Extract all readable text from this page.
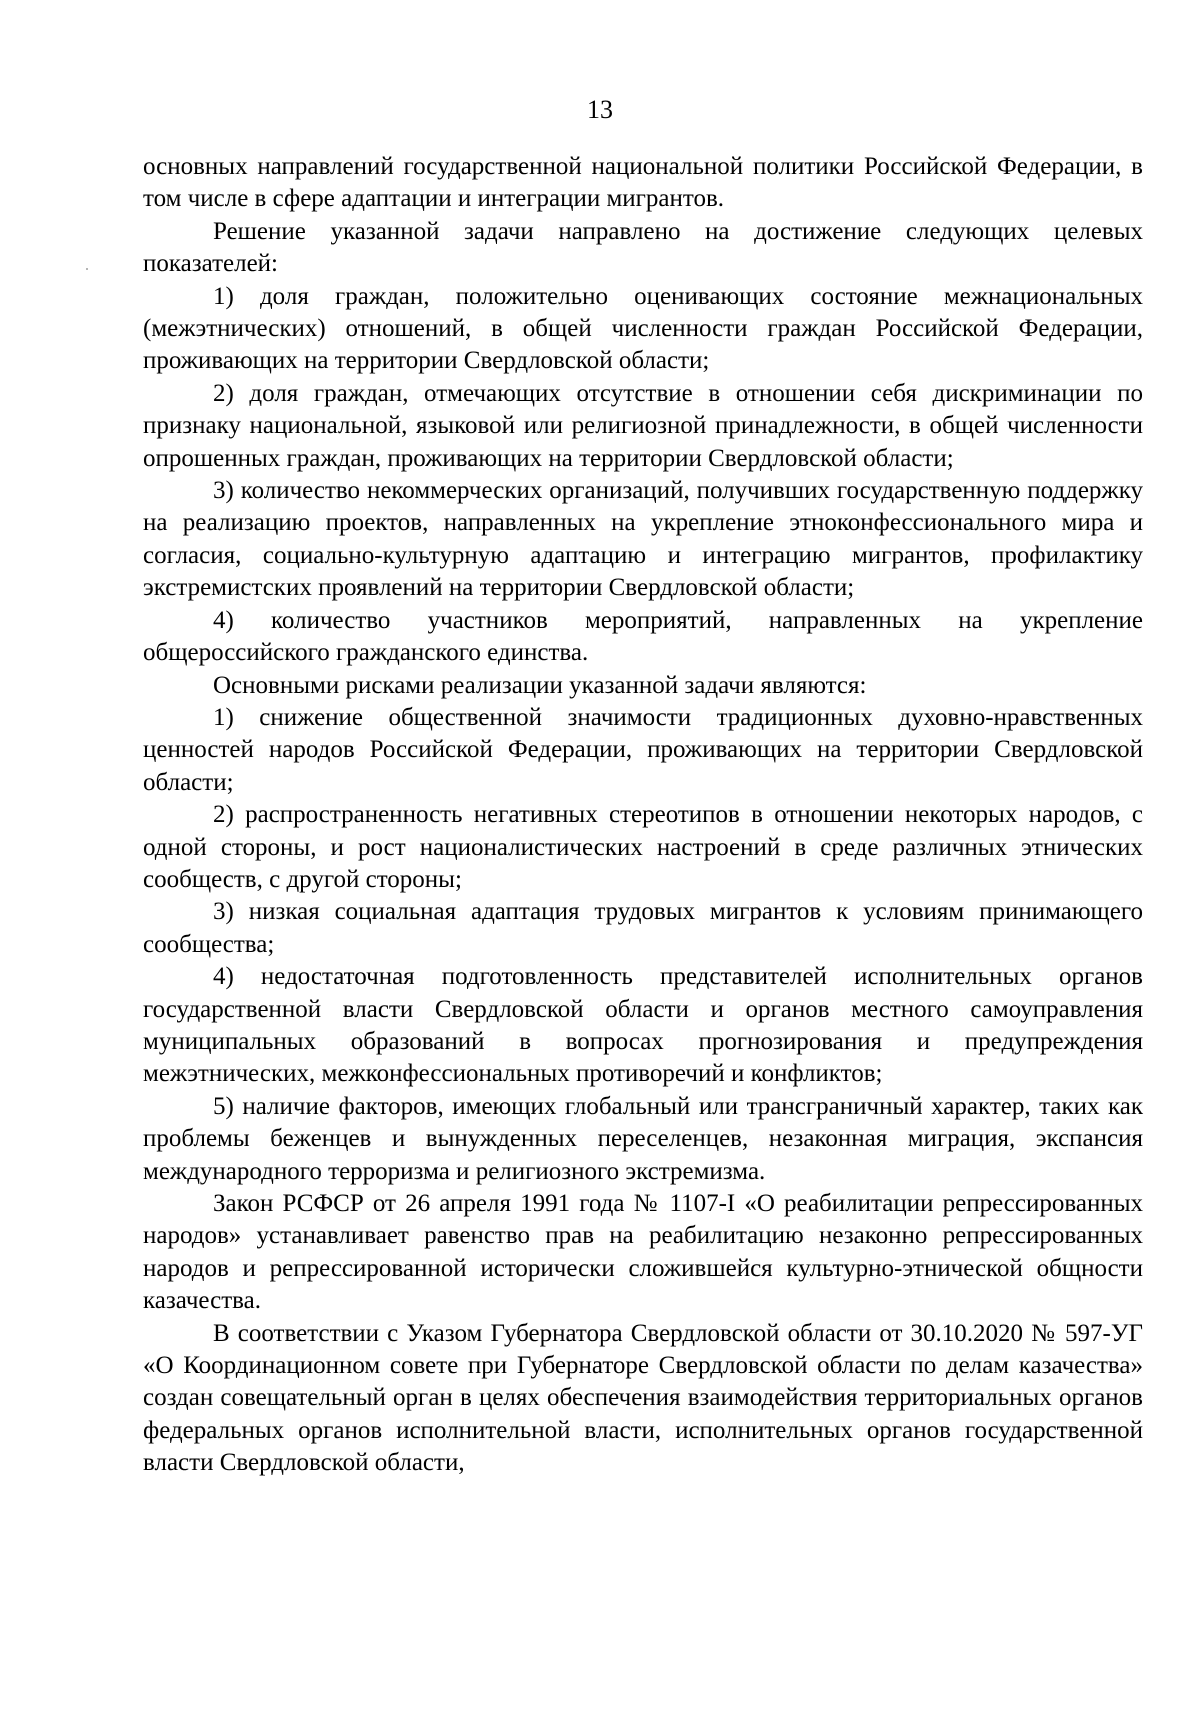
13

основных направлений государственной национальной политики Российской Федерации, в том числе в сфере адаптации и интеграции мигрантов.

Решение указанной задачи направлено на достижение следующих целевых показателей:

1) доля граждан, положительно оценивающих состояние межнациональных (межэтнических) отношений, в общей численности граждан Российской Федерации, проживающих на территории Свердловской области;

2) доля граждан, отмечающих отсутствие в отношении себя дискриминации по признаку национальной, языковой или религиозной принадлежности, в общей численности опрошенных граждан, проживающих на территории Свердловской области;

3) количество некоммерческих организаций, получивших государственную поддержку на реализацию проектов, направленных на укрепление этноконфессионального мира и согласия, социально-культурную адаптацию и интеграцию мигрантов, профилактику экстремистских проявлений на территории Свердловской области;

4) количество участников мероприятий, направленных на укрепление общероссийского гражданского единства.

Основными рисками реализации указанной задачи являются:

1) снижение общественной значимости традиционных духовно-нравственных ценностей народов Российской Федерации, проживающих на территории Свердловской области;

2) распространенность негативных стереотипов в отношении некоторых народов, с одной стороны, и рост националистических настроений в среде различных этнических сообществ, с другой стороны;

3) низкая социальная адаптация трудовых мигрантов к условиям принимающего сообщества;

4) недостаточная подготовленность представителей исполнительных органов государственной власти Свердловской области и органов местного самоуправления муниципальных образований в вопросах прогнозирования и предупреждения межэтнических, межконфессиональных противоречий и конфликтов;

5) наличие факторов, имеющих глобальный или трансграничный характер, таких как проблемы беженцев и вынужденных переселенцев, незаконная миграция, экспансия международного терроризма и религиозного экстремизма.

Закон РСФСР от 26 апреля 1991 года № 1107-I «О реабилитации репрессированных народов» устанавливает равенство прав на реабилитацию незаконно репрессированных народов и репрессированной исторически сложившейся культурно-этнической общности казачества.

В соответствии с Указом Губернатора Свердловской области от 30.10.2020 № 597-УГ «О Координационном совете при Губернаторе Свердловской области по делам казачества» создан совещательный орган в целях обеспечения взаимодействия территориальных органов федеральных органов исполнительной власти, исполнительных органов государственной власти Свердловской области,
